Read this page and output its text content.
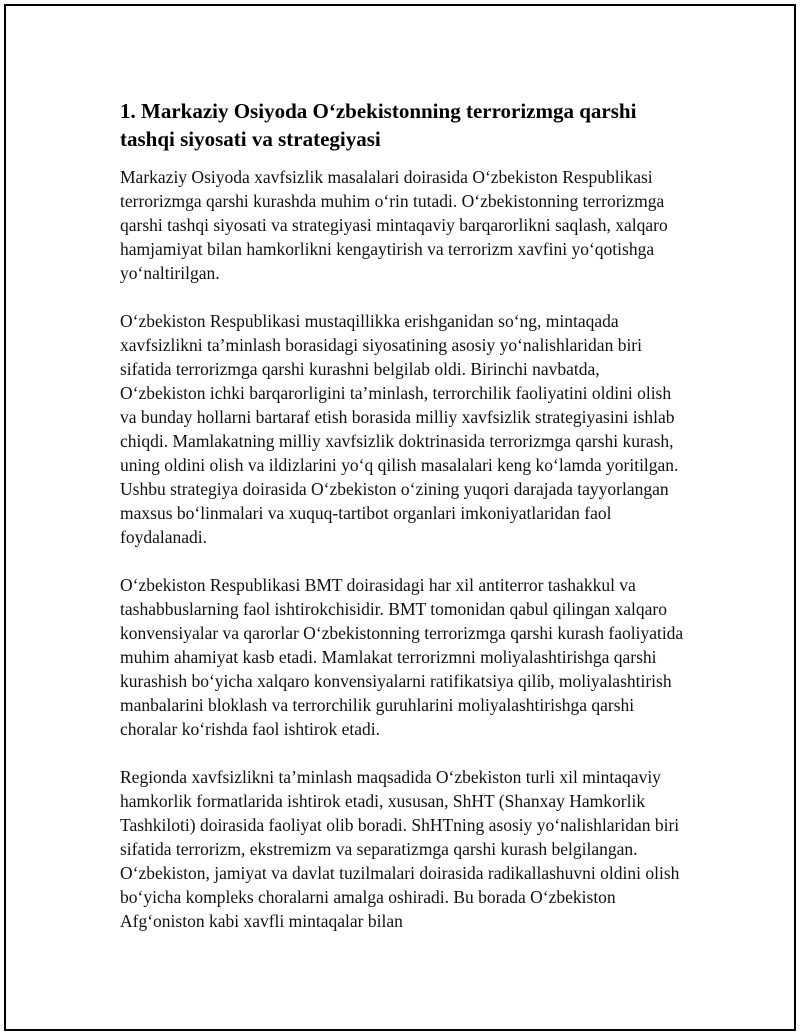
1. Markaziy Osiyoda O‘zbekistonning terrorizmga qarshi tashqi siyosati va strategiyasi

Markaziy Osiyoda xavfsizlik masalalari doirasida O‘zbekiston Respublikasi terrorizmga qarshi kurashda muhim o‘rin tutadi. O‘zbekistonning terrorizmga qarshi tashqi siyosati va strategiyasi mintaqaviy barqarorlikni saqlash, xalqaro hamjamiyat bilan hamkorlikni kengaytirish va terrorizm xavfini yo‘qotishga yo‘naltirilgan.

O‘zbekiston Respublikasi mustaqillikka erishganidan so‘ng, mintaqada xavfsizlikni ta’minlash borasidagi siyosatining asosiy yo‘nalishlaridan biri sifatida terrorizmga qarshi kurashni belgilab oldi. Birinchi navbatda, O‘zbekiston ichki barqarorligini ta’minlash, terrorchilik faoliyatini oldini olish va bunday hollarni bartaraf etish borasida milliy xavfsizlik strategiyasini ishlab chiqdi. Mamlakatning milliy xavfsizlik doktrinasida terrorizmga qarshi kurash, uning oldini olish va ildizlarini yo‘q qilish masalalari keng ko‘lamda yoritilgan. Ushbu strategiya doirasida O‘zbekiston o‘zining yuqori darajada tayyorlangan maxsus bo‘linmalari va xuquq-tartibot organlari imkoniyatlaridan faol foydalanadi.

O‘zbekiston Respublikasi BMT doirasidagi har xil antiterror tashakkul va tashabbuslarning faol ishtirokchisidir. BMT tomonidan qabul qilingan xalqaro konvensiyalar va qarorlar O‘zbekistonning terrorizmga qarshi kurash faoliyatida muhim ahamiyat kasb etadi. Mamlakat terrorizmni moliyalashtirishga qarshi kurashish bo‘yicha xalqaro konvensiyalarni ratifikatsiya qilib, moliyalashtirish manbalarini bloklash va terrorchilik guruhlarini moliyalashtirishga qarshi choralar ko‘rishda faol ishtirok etadi.

Regionda xavfsizlikni ta’minlash maqsadida O‘zbekiston turli xil mintaqaviy hamkorlik formatlarida ishtirok etadi, xususan, ShHT (Shanxay Hamkorlik Tashkiloti) doirasida faoliyat olib boradi. ShHTning asosiy yo‘nalishlaridan biri sifatida terrorizm, ekstremizm va separatizmga qarshi kurash belgilangan. O‘zbekiston, jamiyat va davlat tuzilmalari doirasida radikallashuvni oldini olish bo‘yicha kompleks choralarni amalga oshiradi. Bu borada O‘zbekiston Afg‘oniston kabi xavfli mintaqalar bilan
